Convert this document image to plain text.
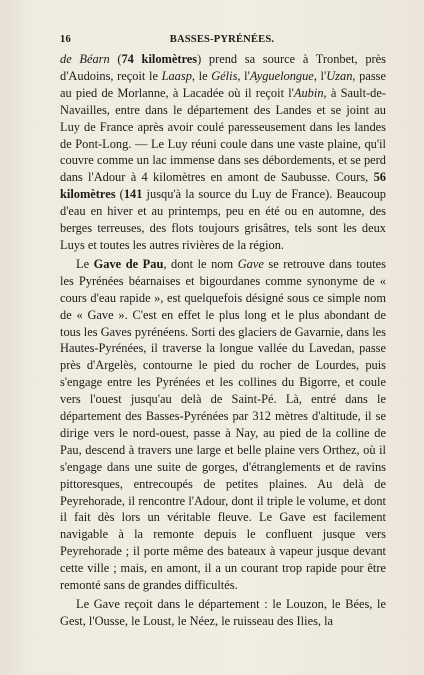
16	BASSES-PYRÉNÉES.

de Béarn (74 kilomètres) prend sa source à Tronbet, près d'Audoins, reçoit le Laasp, le Gélis, l'Ayguelongue, l'Uzan, passe au pied de Morlanne, à Lacadée où il reçoit l'Aubin, à Sault-de-Navailles, entre dans le département des Landes et se joint au Luy de France après avoir coulé paresseusement dans les landes de Pont-Long. — Le Luy réuni coule dans une vaste plaine, qu'il couvre comme un lac immense dans ses débordements, et se perd dans l'Adour à 4 kilomètres en amont de Saubusse. Cours, 56 kilomètres (141 jusqu'à la source du Luy de France). Beaucoup d'eau en hiver et au printemps, peu en été ou en automne, des berges terreuses, des flots toujours grisâtres, tels sont les deux Luys et toutes les autres rivières de la région.

Le Gave de Pau, dont le nom Gave se retrouve dans toutes les Pyrénées béarnaises et bigourdanes comme synonyme de « cours d'eau rapide », est quelquefois désigné sous ce simple nom de « Gave ». C'est en effet le plus long et le plus abondant de tous les Gaves pyrénéens. Sorti des glaciers de Gavarnie, dans les Hautes-Pyrénées, il traverse la longue vallée du Lavedan, passe près d'Argelès, contourne le pied du rocher de Lourdes, puis s'engage entre les Pyrénées et les collines du Bigorre, et coule vers l'ouest jusqu'au delà de Saint-Pé. Là, entré dans le département des Basses-Pyrénées par 312 mètres d'altitude, il se dirige vers le nord-ouest, passe à Nay, au pied de la colline de Pau, descend à travers une large et belle plaine vers Orthez, où il s'engage dans une suite de gorges, d'étranglements et de ravins pittoresques, entrecoupés de petites plaines. Au delà de Peyrehorade, il rencontre l'Adour, dont il triple le volume, et dont il fait dès lors un véritable fleuve. Le Gave est facilement navigable à la remonte depuis le confluent jusque vers Peyrehorade ; il porte même des bateaux à vapeur jusque devant cette ville ; mais, en amont, il a un courant trop rapide pour être remonté sans de grandes difficultés.

Le Gave reçoit dans le département : le Louzon, le Bées, le Gest, l'Ousse, le Loust, le Néez, le ruisseau des Ilies, la
